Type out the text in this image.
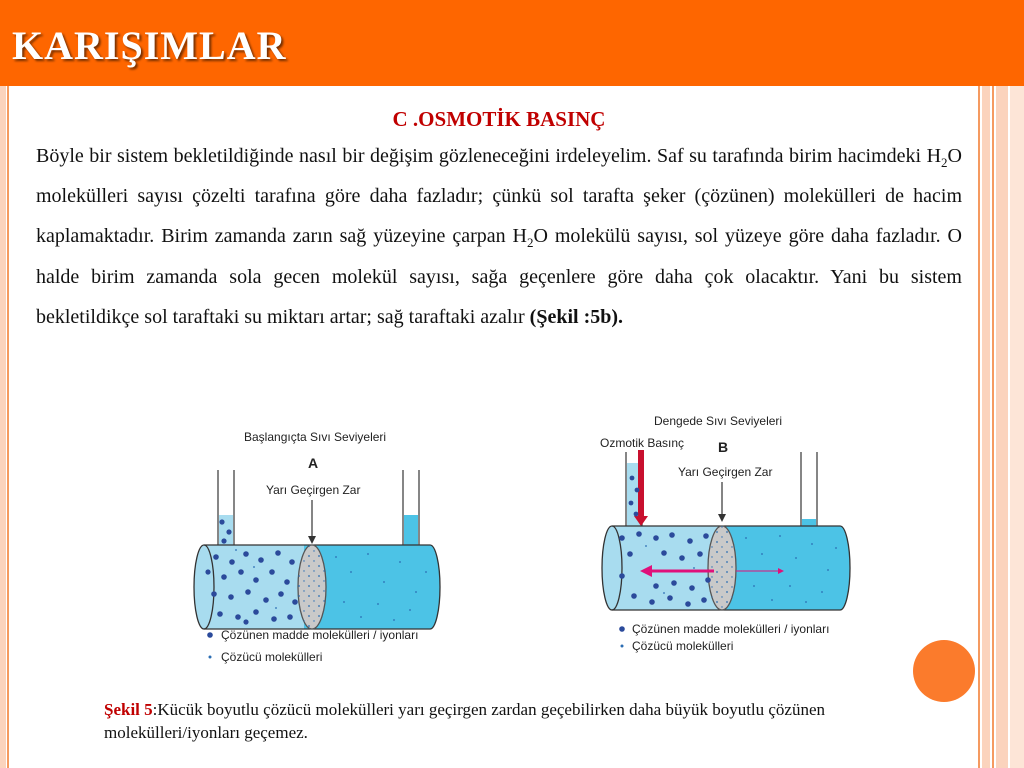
KARIŞIMLAR
C .OSMOTİK BASINÇ

Böyle bir sistem bekletildiğinde nasıl bir değişim gözleneceğini irdeleyelim. Saf su tarafında birim hacimdeki $H_2O$ molekülleri sayısı çözelti tarafına göre daha fazladır; çünkü sol tarafta şeker (çözünen) molekülleri de hacim kaplamaktadır. Birim zamanda zarın sağ yüzeyine çarpan $H_2O$ molekülü sayısı, sol yüzeye göre daha fazladır. O halde birim zamanda sola gecen molekül sayısı, sağa geçenlere göre daha çok olacaktır. Yani bu sistem bekletildikçe sol taraftaki su miktarı artar; sağ taraftaki azalır (Şekil :5b).

Başlangıçta Sıvı Seviyeleri
A
Yarı Geçirgen Zar
Çözünen madde molekülleri / iyonları
Çözücü molekülleri
Dengede Sıvı Seviyeleri
Ozmotik Basınç B
Yarı Geçirgen Zar
Çözünen madde molekülleri / iyonları
Çözücü molekülleri
Şekil 5:Kücük boyutlu çözücü molekülleri yarı geçirgen zardan geçebilirken daha büyük boyutlu çözünen molekülleri/iyonları geçemez.
